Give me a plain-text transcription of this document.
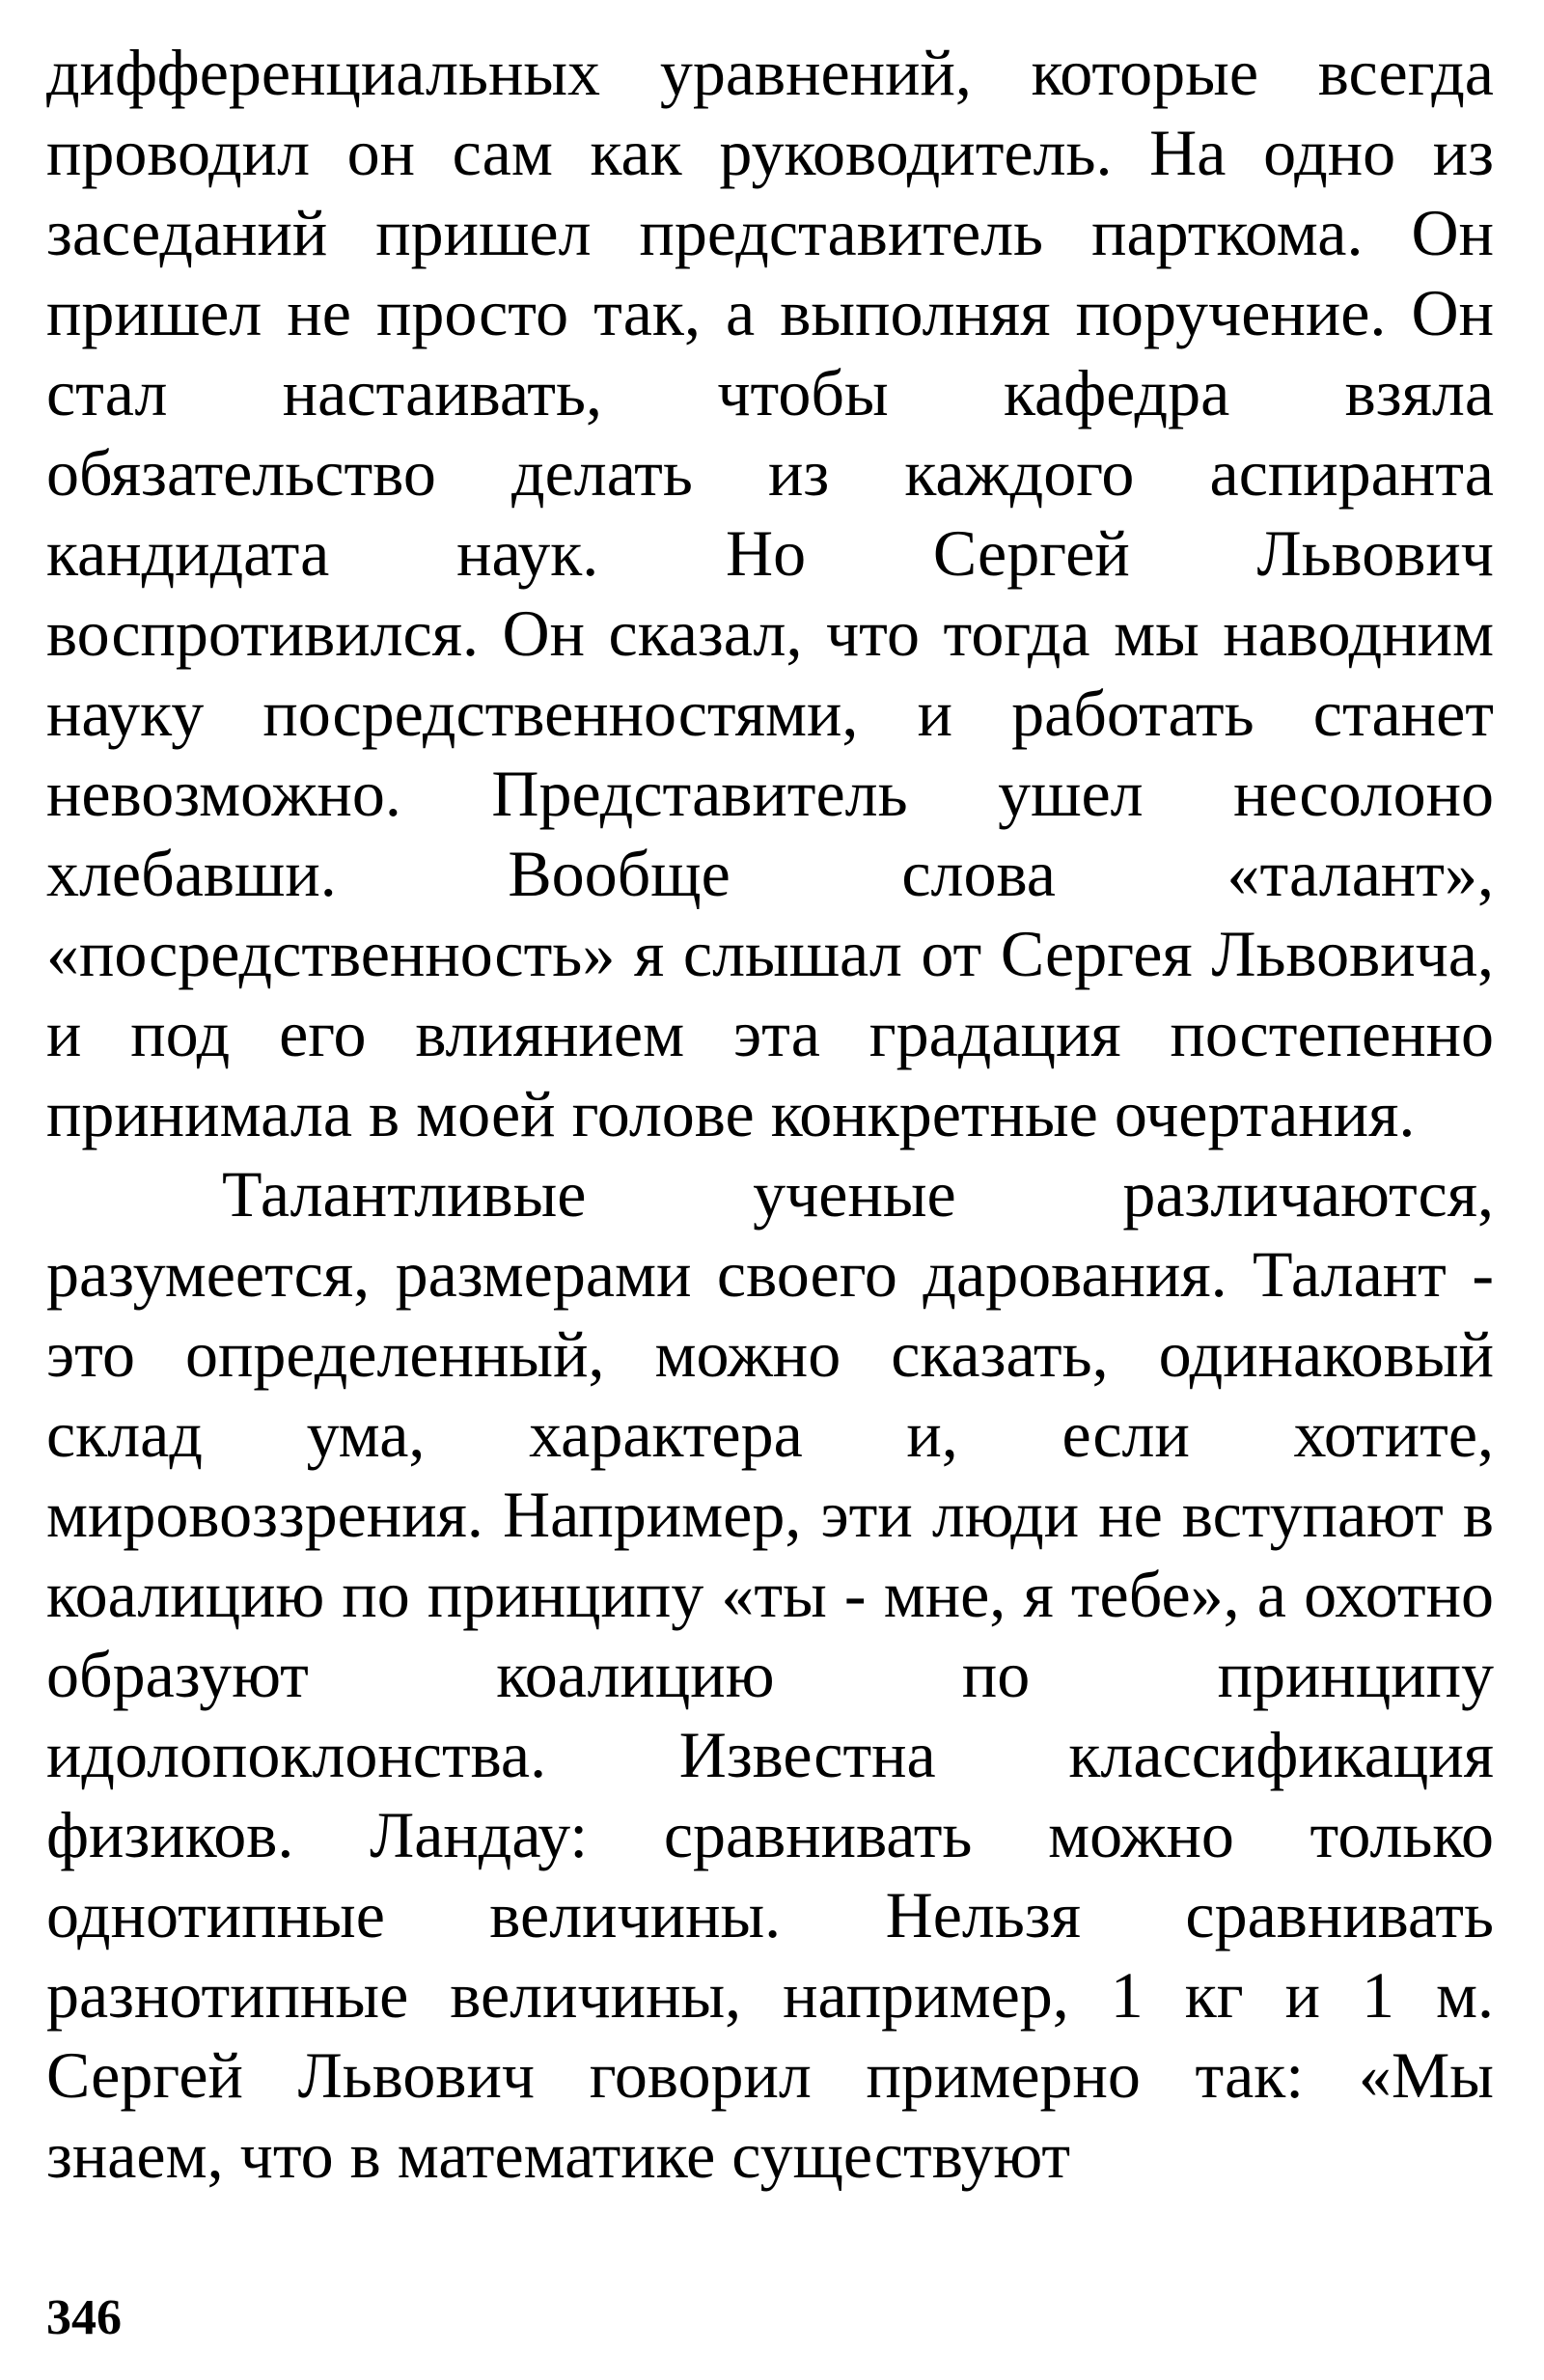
дифференциальных уравнений, которые всегда проводил он сам как руководитель. На одно из заседаний пришел представитель парткома. Он пришел не просто так, а выполняя поручение. Он стал настаивать, чтобы кафедра взяла обязательство делать из каждого аспиранта кандидата наук. Но Сергей Львович воспротивился. Он сказал, что тогда мы наводним науку посредственностями, и работать станет невозможно. Представитель ушел несолоно хлебавши. Вообще слова «талант», «посредственность» я слышал от Сергея Львовича, и под его влиянием эта градация постепенно принимала в моей голове конкретные очертания.

Талантливые ученые различаются, разумеется, размерами своего дарования. Талант - это определенный, можно сказать, одинаковый склад ума, характера и, если хотите, мировоззрения. Например, эти люди не вступают в коалицию по принципу «ты - мне, я тебе», а охотно образуют коалицию по принципу идолопоклонства. Известна классификация физиков. Ландау: сравнивать можно только однотипные величины. Нельзя сравнивать разнотипные величины, например, 1 кг и 1 м. Сергей Львович говорил примерно так: «Мы знаем, что в математике существуют

346
